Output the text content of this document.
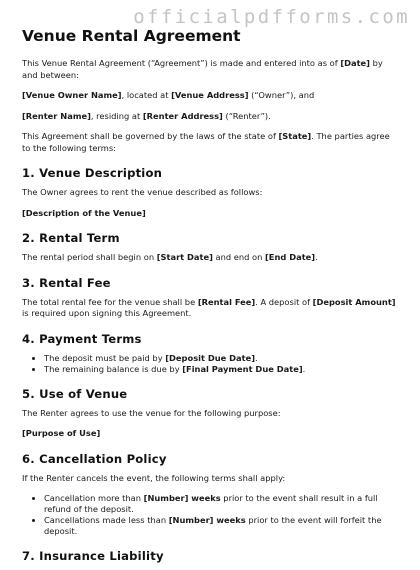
officialpdfforms.com
Venue Rental Agreement

This Venue Rental Agreement (“Agreement”) is made and entered into as of [Date] by and between:

[Venue Owner Name], located at [Venue Address] (“Owner”), and

[Renter Name], residing at [Renter Address] (“Renter”).

This Agreement shall be governed by the laws of the state of [State]. The parties agree to the following terms:

1. Venue Description

The Owner agrees to rent the venue described as follows:

[Description of the Venue]

2. Rental Term

The rental period shall begin on [Start Date] and end on [End Date].

3. Rental Fee

The total rental fee for the venue shall be [Rental Fee]. A deposit of [Deposit Amount] is required upon signing this Agreement.

4. Payment Terms
• The deposit must be paid by [Deposit Due Date].
• The remaining balance is due by [Final Payment Due Date].
5. Use of Venue

The Renter agrees to use the venue for the following purpose:

[Purpose of Use]

6. Cancellation Policy

If the Renter cancels the event, the following terms shall apply:

• Cancellation more than [Number] weeks prior to the event shall result in a full refund of the deposit.
• Cancellations made less than [Number] weeks prior to the event will forfeit the deposit.
7. Insurance Liability
